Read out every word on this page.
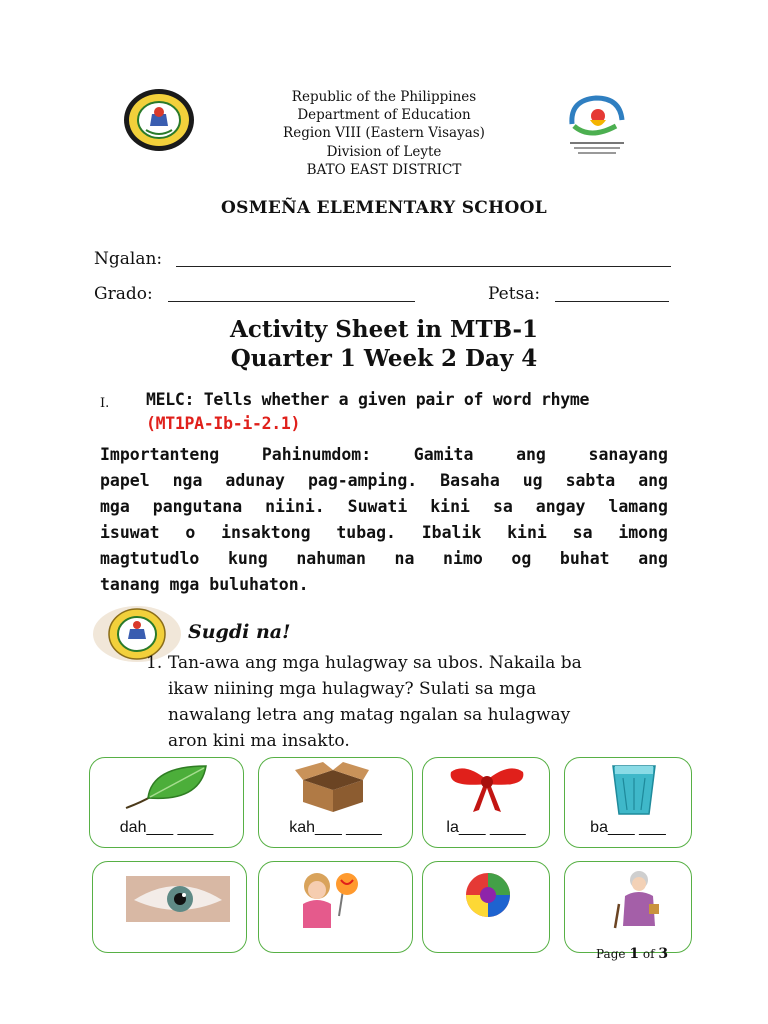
Republic of the Philippines
Department of Education
Region VIII (Eastern Visayas)
Division of Leyte
BATO EAST DISTRICT
OSMEÑA ELEMENTARY SCHOOL
Ngalan:
Grado:	Petsa:
Activity Sheet in MTB-1
Quarter 1 Week 2 Day 4
I. MELC: Tells whether a given pair of word rhyme
(MT1PA-Ib-i-2.1)
Importanteng Pahinumdom: Gamita ang sanayang
papel nga adunay pag-amping. Basaha ug sabta ang
mga pangutana niini. Suwati kini sa angay lamang
isuwat o insaktong tubag. Ibalik kini sa imong
magtutudlo kung nahuman na nimo og buhat ang
tanang mga buluhaton.
Sugdi na!
1. Tan-awa ang mga hulagway sa ubos. Nakaila ba
ikaw niining mga hulagway? Sulati sa mga
nawalang letra ang matag ngalan sa hulagway
aron kini ma insakto.
dah___ ____	kah___ ____	la___ ____	ba___ ___
Page 1 of 3
